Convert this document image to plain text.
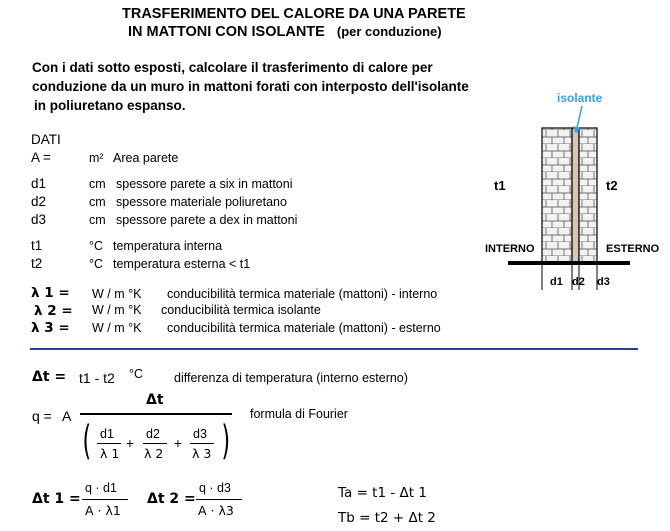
TRASFERIMENTO DEL CALORE DA UNA PARETE
IN MATTONI CON ISOLANTE (per conduzione)
Con i dati sotto esposti, calcolare il trasferimento di calore per
conduzione da un muro in mattoni forati con interposto dell'isolante
in poliuretano espanso.
DATI
A =	m² Area parete
d1	cm spessore parete a six in mattoni
d2	cm spessore materiale poliuretano
d3	cm spessore parete a dex in mattoni
t1	°C temperatura interna
t2	°C temperatura esterna < t1
λ 1 = W / m °K conducibilità termica materiale (mattoni) - interno
λ 2 = W / m °K conducibilità termica isolante
λ 3 = W / m °K conducibilità termica materiale (mattoni) - esterno
isolante
t1	t2
INTERNO	ESTERNO
d1 d2 d3
Δt = t1 - t2 °C differenza di temperatura (interno esterno)
q = A
Δt
(	)
d1
λ 1
+
d2
λ 2
+
d3
λ 3
formula di Fourier
Δt 1 =
q · d1
A · λ1
Δt 2 =
q · d3
A · λ3
Ta = t1 - Δt 1
Tb = t2 + Δt 2
